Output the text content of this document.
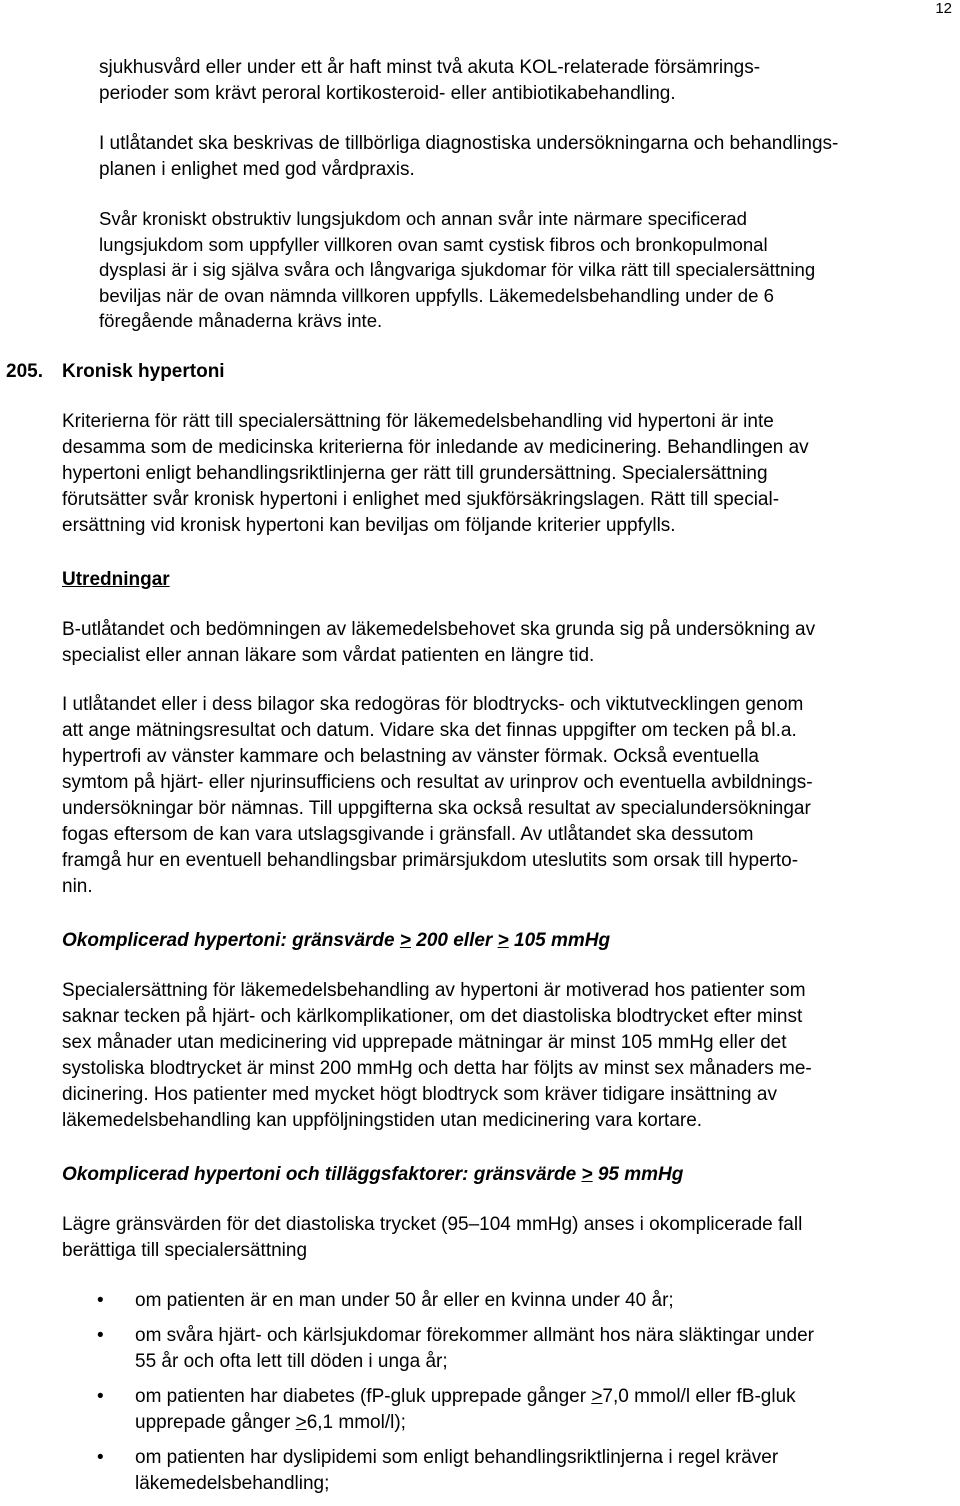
12

sjukhusvård eller under ett år haft minst två akuta KOL-relaterade försämrings-
perioder som krävt peroral kortikosteroid- eller antibiotikabehandling.

I utlåtandet ska beskrivas de tillbörliga diagnostiska undersökningarna och behandlings-
planen i enlighet med god vårdpraxis.

Svår kroniskt obstruktiv lungsjukdom och annan svår inte närmare specificerad
lungsjukdom som uppfyller villkoren ovan samt cystisk fibros och bronkopulmonal
dysplasi är i sig själva svåra och långvariga sjukdomar för vilka rätt till specialersättning
beviljas när de ovan nämnda villkoren uppfylls. Läkemedelsbehandling under de 6
föregående månaderna krävs inte.

205. Kronisk hypertoni

Kriterierna för rätt till specialersättning för läkemedelsbehandling vid hypertoni är inte
desamma som de medicinska kriterierna för inledande av medicinering. Behandlingen av
hypertoni enligt behandlingsriktlinjerna ger rätt till grundersättning. Specialersättning
förutsätter svår kronisk hypertoni i enlighet med sjukförsäkringslagen. Rätt till special-
ersättning vid kronisk hypertoni kan beviljas om följande kriterier uppfylls.

Utredningar

B-utlåtandet och bedömningen av läkemedelsbehovet ska grunda sig på undersökning av
specialist eller annan läkare som vårdat patienten en längre tid.

I utlåtandet eller i dess bilagor ska redogöras för blodtrycks- och viktutvecklingen genom
att ange mätningsresultat och datum. Vidare ska det finnas uppgifter om tecken på bl.a.
hypertrofi av vänster kammare och belastning av vänster förmak. Också eventuella
symtom på hjärt- eller njurinsufficiens och resultat av urinprov och eventuella avbildnings-
undersökningar bör nämnas. Till uppgifterna ska också resultat av specialundersökningar
fogas eftersom de kan vara utslagsgivande i gränsfall. Av utlåtandet ska dessutom
framgå hur en eventuell behandlingsbar primärsjukdom uteslutits som orsak till hyperto-
nin.

Okomplicerad hypertoni: gränsvärde ≥ 200 eller ≥ 105 mmHg

Specialersättning för läkemedelsbehandling av hypertoni är motiverad hos patienter som
saknar tecken på hjärt- och kärlkomplikationer, om det diastoliska blodtrycket efter minst
sex månader utan medicinering vid upprepade mätningar är minst 105 mmHg eller det
systoliska blodtrycket är minst 200 mmHg och detta har följts av minst sex månaders me-
dicinering. Hos patienter med mycket högt blodtryck som kräver tidigare insättning av
läkemedelsbehandling kan uppföljningstiden utan medicinering vara kortare.

Okomplicerad hypertoni och tilläggsfaktorer: gränsvärde ≥ 95 mmHg

Lägre gränsvärden för det diastoliska trycket (95–104 mmHg) anses i okomplicerade fall
berättiga till specialersättning

• om patienten är en man under 50 år eller en kvinna under 40 år;
• om svåra hjärt- och kärlsjukdomar förekommer allmänt hos nära släktingar under
55 år och ofta lett till döden i unga år;
• om patienten har diabetes (fP-gluk upprepade gånger ≥7,0 mmol/l eller fB-gluk
upprepade gånger ≥6,1 mmol/l);
• om patienten har dyslipidemi som enligt behandlingsriktlinjerna i regel kräver
läkemedelsbehandling;
